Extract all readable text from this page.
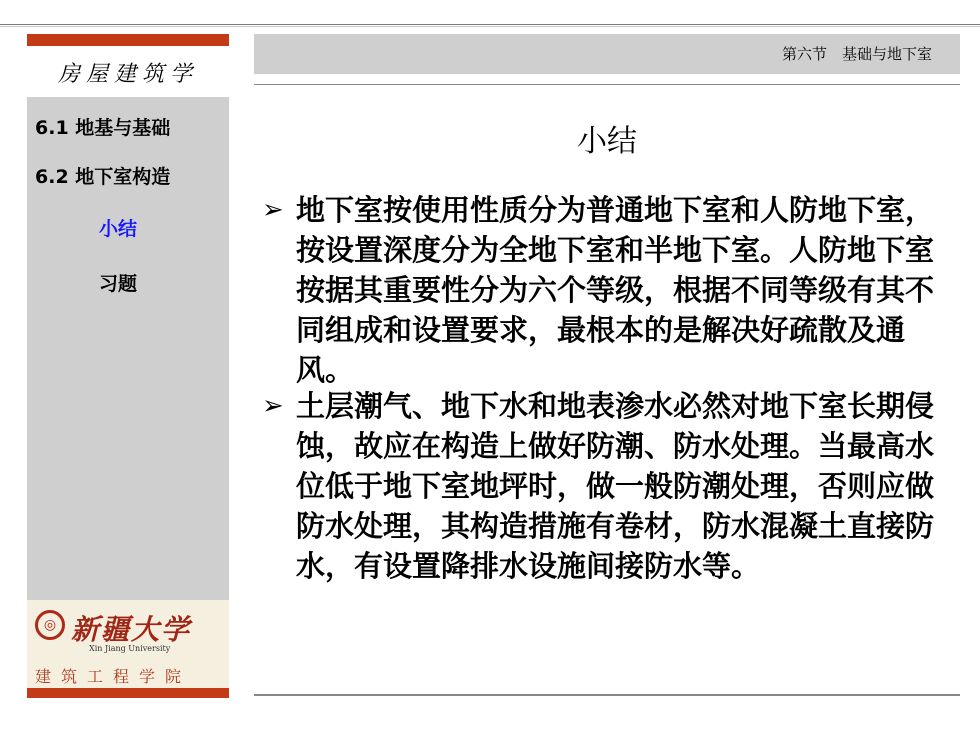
房屋建筑学
6.1 地基与基础
6.2 地下室构造
小结
习题
◎ 新疆大学
Xin Jiang University
建筑工程学院
第六节　基础与地下室
小结
➢ 地下室按使用性质分为普通地下室和人防地下室，按设置深度分为全地下室和半地下室。人防地下室按据其重要性分为六个等级，根据不同等级有其不同组成和设置要求，最根本的是解决好疏散及通风。
➢ 土层潮气、地下水和地表渗水必然对地下室长期侵蚀，故应在构造上做好防潮、防水处理。当最高水位低于地下室地坪时，做一般防潮处理，否则应做防水处理，其构造措施有卷材，防水混凝土直接防水，有设置降排水设施间接防水等。
